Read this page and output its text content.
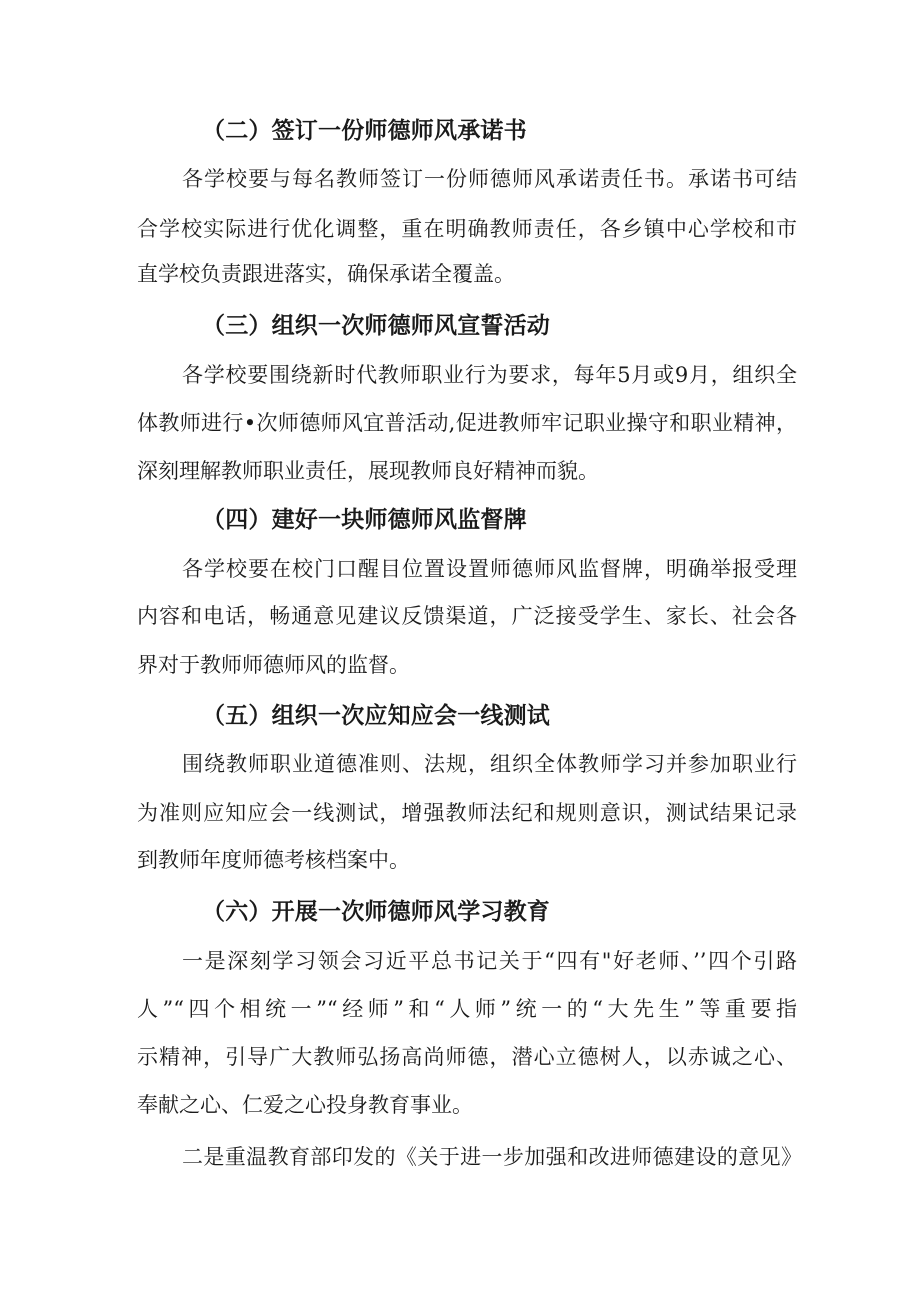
（二）签订一份师德师风承诺书
各学校要与每名教师签订一份师德师风承诺责任书。承诺书可结
合学校实际进行优化调整，重在明确教师责任，各乡镇中心学校和市
直学校负责跟进落实，确保承诺全覆盖。
（三）组织一次师德师风宣誓活动
各学校要围绕新时代教师职业行为要求，每年5月或9月，组织全
体教师进行•次师德师风宜普活动,促进教师牢记职业操守和职业精神，
深刻理解教师职业责任，展现教师良好精神而貌。
（四）建好一块师德师风监督牌
各学校要在校门口醒目位置设置师德师风监督牌，明确举报受理
内容和电话，畅通意见建议反馈渠道，广泛接受学生、家长、社会各
界对于教师师德师风的监督。
（五）组织一次应知应会一线测试
围绕教师职业道德准则、法规，组织全体教师学习并参加职业行
为准则应知应会一线测试，增强教师法纪和规则意识，测试结果记录
到教师年度师德考核档案中。
（六）开展一次师德师风学习教育
一是深刻学习领会习近平总书记关于“四有"好老师、’’四个引路
人”“四个相统一”“经师”和“人师”统一的“大先生”等重要指
示精神，引导广大教师弘扬高尚师德，潜心立德树人，以赤诚之心、
奉献之心、仁爱之心投身教育事业。
二是重温教育部印发的《关于进一步加强和改进师德建设的意见》
